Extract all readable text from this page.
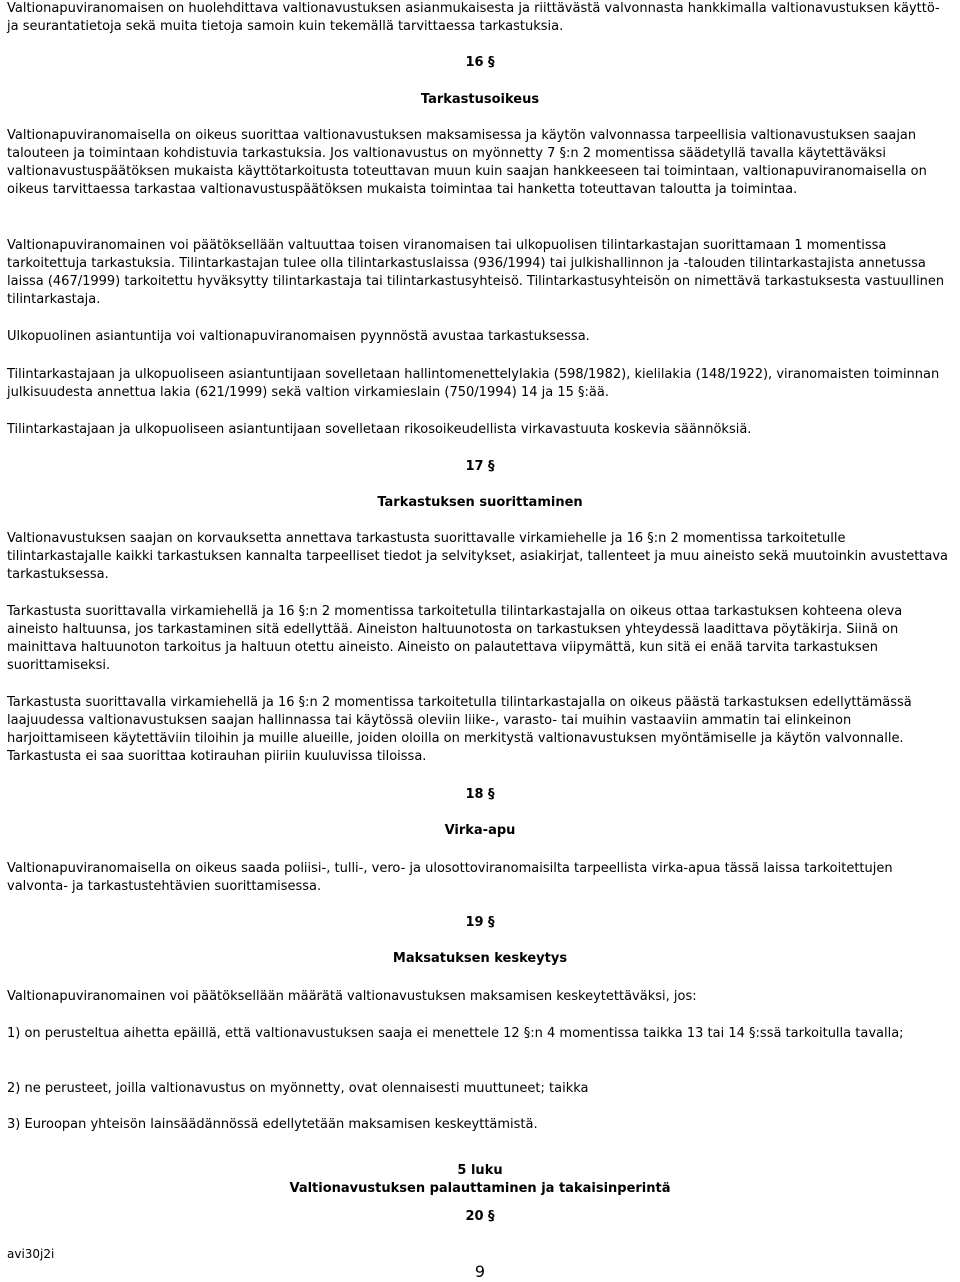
Valtionapuviranomaisen on huolehdittava valtionavustuksen asianmukaisesta ja riittävästä valvonnasta hankkimalla valtionavustuksen käyttö- ja seurantatietoja sekä muita tietoja samoin kuin tekemällä tarvittaessa tarkastuksia.

16 §
Tarkastusoikeus

Valtionapuviranomaisella on oikeus suorittaa valtionavustuksen maksamisessa ja käytön valvonnassa tarpeellisia valtionavustuksen saajan talouteen ja toimintaan kohdistuvia tarkastuksia. Jos valtionavustus on myönnetty 7 §:n 2 momentissa säädetyllä tavalla käytettäväksi valtionavustuspäätöksen mukaista käyttötarkoitusta toteuttavan muun kuin saajan hankkeeseen tai toimintaan, valtionapuviranomaisella on oikeus tarvittaessa tarkastaa valtionavustuspäätöksen mukaista toimintaa tai hanketta toteuttavan taloutta ja toimintaa.

Valtionapuviranomainen voi päätöksellään valtuuttaa toisen viranomaisen tai ulkopuolisen tilintarkastajan suorittamaan 1 momentissa tarkoitettuja tarkastuksia. Tilintarkastajan tulee olla tilintarkastuslaissa (936/1994) tai julkishallinnon ja -talouden tilintarkastajista annetussa laissa (467/1999) tarkoitettu hyväksytty tilintarkastaja tai tilintarkastusyhteisö. Tilintarkastusyhteisön on nimettävä tarkastuksesta vastuullinen tilintarkastaja.

Ulkopuolinen asiantuntija voi valtionapuviranomaisen pyynnöstä avustaa tarkastuksessa.

Tilintarkastajaan ja ulkopuoliseen asiantuntijaan sovelletaan hallintomenettelylakia (598/1982), kielilakia (148/1922), viranomaisten toiminnan julkisuudesta annettua lakia (621/1999) sekä valtion virkamieslain (750/1994) 14 ja 15 §:ää.

Tilintarkastajaan ja ulkopuoliseen asiantuntijaan sovelletaan rikosoikeudellista virkavastuuta koskevia säännöksiä.

17 §
Tarkastuksen suorittaminen

Valtionavustuksen saajan on korvauksetta annettava tarkastusta suorittavalle virkamiehelle ja 16 §:n 2 momentissa tarkoitetulle tilintarkastajalle kaikki tarkastuksen kannalta tarpeelliset tiedot ja selvitykset, asiakirjat, tallenteet ja muu aineisto sekä muutoinkin avustettava tarkastuksessa.

Tarkastusta suorittavalla virkamiehellä ja 16 §:n 2 momentissa tarkoitetulla tilintarkastajalla on oikeus ottaa tarkastuksen kohteena oleva aineisto haltuunsa, jos tarkastaminen sitä edellyttää. Aineiston haltuunotosta on tarkastuksen yhteydessä laadittava pöytäkirja. Siinä on mainittava haltuunoton tarkoitus ja haltuun otettu aineisto. Aineisto on palautettava viipymättä, kun sitä ei enää tarvita tarkastuksen suorittamiseksi.

Tarkastusta suorittavalla virkamiehellä ja 16 §:n 2 momentissa tarkoitetulla tilintarkastajalla on oikeus päästä tarkastuksen edellyttämässä laajuudessa valtionavustuksen saajan hallinnassa tai käytössä oleviin liike-, varasto- tai muihin vastaaviin ammatin tai elinkeinon harjoittamiseen käytettäviin tiloihin ja muille alueille, joiden oloilla on merkitystä valtionavustuksen myöntämiselle ja käytön valvonnalle. Tarkastusta ei saa suorittaa kotirauhan piiriin kuuluvissa tiloissa.

18 §
Virka-apu

Valtionapuviranomaisella on oikeus saada poliisi-, tulli-, vero- ja ulosottoviranomaisilta tarpeellista virka-apua tässä laissa tarkoitettujen valvonta- ja tarkastustehtävien suorittamisessa.

19 §
Maksatuksen keskeytys

Valtionapuviranomainen voi päätöksellään määrätä valtionavustuksen maksamisen keskeytettäväksi, jos:

1) on perusteltua aihetta epäillä, että valtionavustuksen saaja ei menettele 12 §:n 4 momentissa taikka 13 tai 14 §:ssä tarkoitulla tavalla;

2) ne perusteet, joilla valtionavustus on myönnetty, ovat olennaisesti muuttuneet; taikka

3) Euroopan yhteisön lainsäädännössä edellytetään maksamisen keskeyttämistä.

5 luku
Valtionavustuksen palauttaminen ja takaisinperintä
20 §
avi30j2i
9
